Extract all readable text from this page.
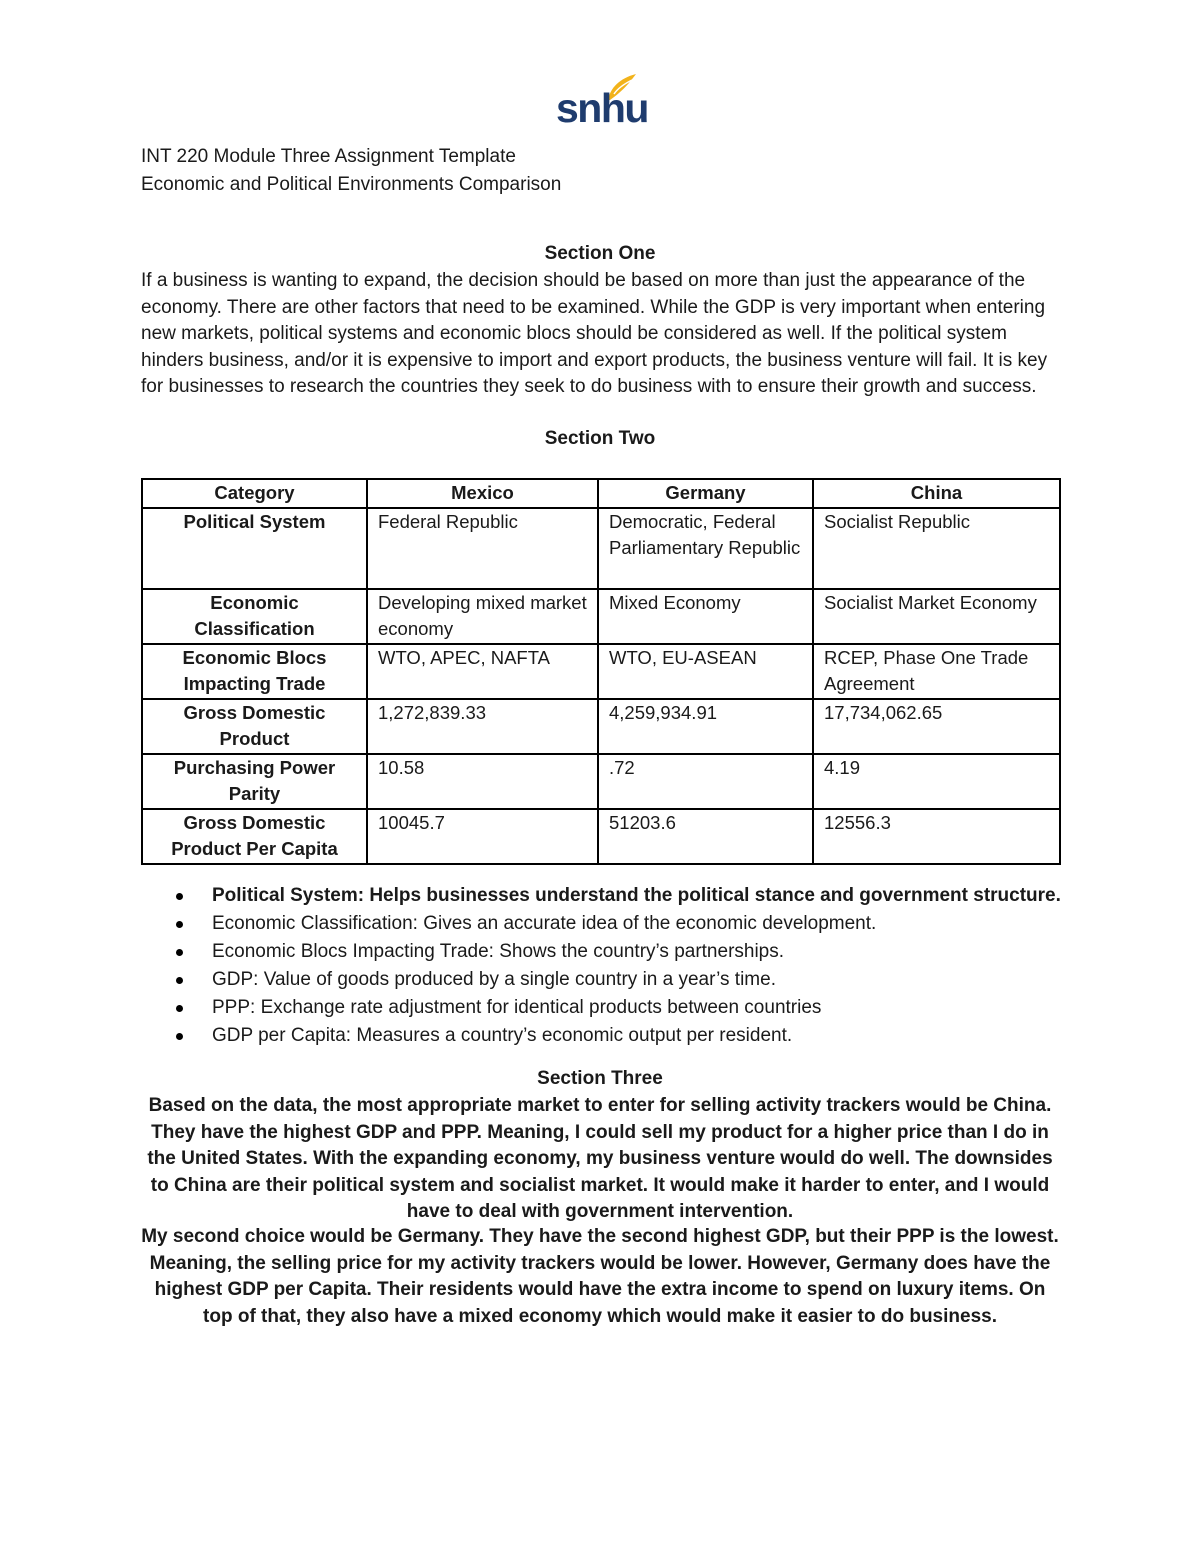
snhu
INT 220 Module Three Assignment Template
Economic and Political Environments Comparison
Section One
If a business is wanting to expand, the decision should be based on more than just the appearance of the economy. There are other factors that need to be examined. While the GDP is very important when entering new markets, political systems and economic blocs should be considered as well. If the political system hinders business, and/or it is expensive to import and export products, the business venture will fail. It is key for businesses to research the countries they seek to do business with to ensure their growth and success.
Section Two
Category	Mexico	Germany	China
Political System	Federal Republic	Democratic, Federal Parliamentary Republic	Socialist Republic
Economic Classification	Developing mixed market economy	Mixed Economy	Socialist Market Economy
Economic Blocs Impacting Trade	WTO, APEC, NAFTA	WTO, EU-ASEAN	RCEP, Phase One Trade Agreement
Gross Domestic Product	1,272,839.33	4,259,934.91	17,734,062.65
Purchasing Power Parity	10.58	.72	4.19
Gross Domestic Product Per Capita	10045.7	51203.6	12556.3
Political System: Helps businesses understand the political stance and government structure.
Economic Classification: Gives an accurate idea of the economic development.
Economic Blocs Impacting Trade: Shows the country’s partnerships.
GDP: Value of goods produced by a single country in a year’s time.
PPP: Exchange rate adjustment for identical products between countries
GDP per Capita: Measures a country’s economic output per resident.
Section Three
Based on the data, the most appropriate market to enter for selling activity trackers would be China. They have the highest GDP and PPP. Meaning, I could sell my product for a higher price than I do in the United States. With the expanding economy, my business venture would do well. The downsides to China are their political system and socialist market. It would make it harder to enter, and I would have to deal with government intervention.
My second choice would be Germany. They have the second highest GDP, but their PPP is the lowest. Meaning, the selling price for my activity trackers would be lower. However, Germany does have the highest GDP per Capita. Their residents would have the extra income to spend on luxury items. On top of that, they also have a mixed economy which would make it easier to do business.
